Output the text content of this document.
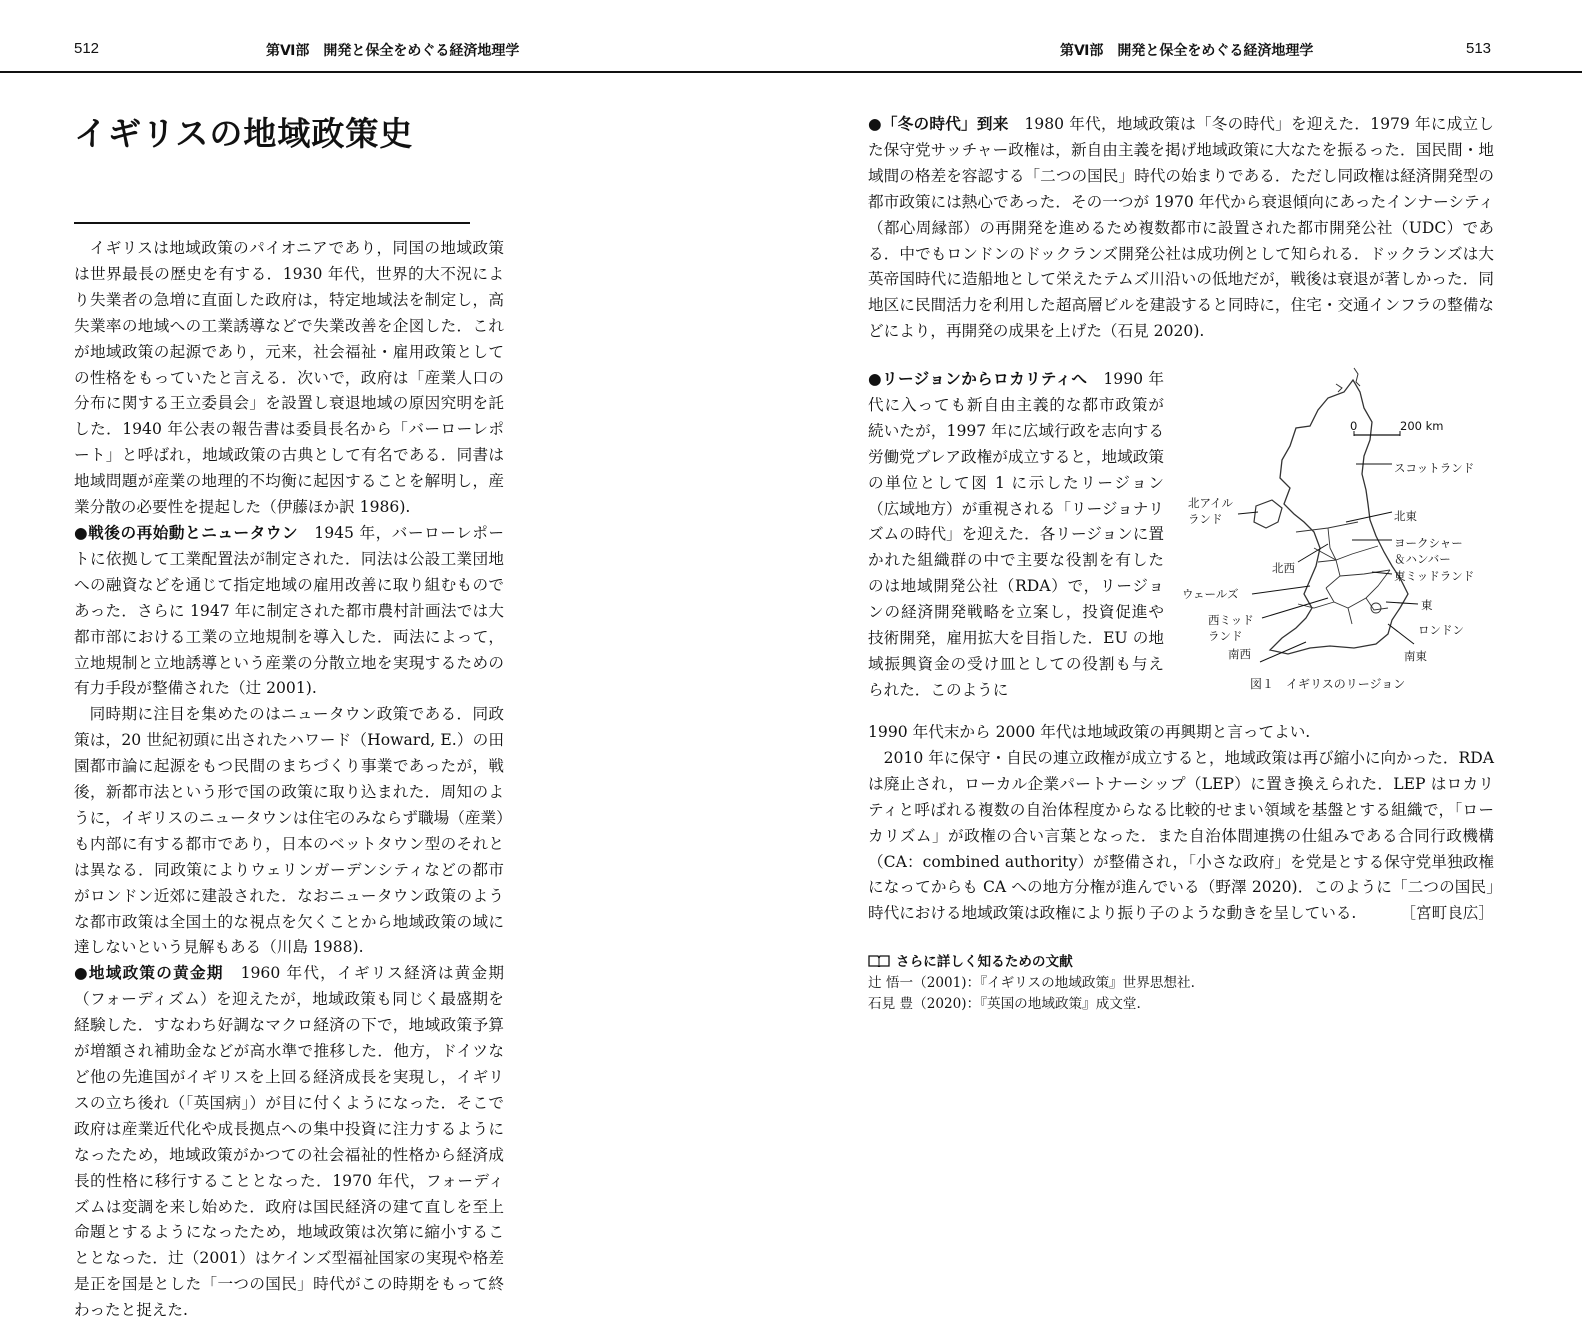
512	第Ⅵ部　開発と保全をめぐる経済地理学	第Ⅵ部　開発と保全をめぐる経済地理学	513
イギリスの地域政策史

イギリスは地域政策のパイオニアであり，同国の地域政策は世界最長の歴史を有する．1930 年代，世界的大不況により失業者の急増に直面した政府は，特定地域法を制定し，高失業率の地域への工業誘導などで失業改善を企図した．これが地域政策の起源であり，元来，社会福祉・雇用政策としての性格をもっていたと言える．次いで，政府は「産業人口の分布に関する王立委員会」を設置し衰退地域の原因究明を託した．1940 年公表の報告書は委員長名から「バーローレポート」と呼ばれ，地域政策の古典として有名である．同書は地域問題が産業の地理的不均衡に起因することを解明し，産業分散の必要性を提起した（伊藤ほか訳 1986).

●戦後の再始動とニュータウン　 1945 年，バーローレポートに依拠して工業配置法が制定された．同法は公設工業団地への融資などを通じて指定地域の雇用改善に取り組むものであった．さらに 1947 年に制定された都市農村計画法では大都市部における工業の立地規制を導入した．両法によって，立地規制と立地誘導という産業の分散立地を実現するための有力手段が整備された（辻 2001).

同時期に注目を集めたのはニュータウン政策である．同政策は，20 世紀初頭に出されたハワード（Howard, E.）の田園都市論に起源をもつ民間のまちづくり事業であったが，戦後，新都市法という形で国の政策に取り込まれた．周知のように，イギリスのニュータウンは住宅のみならず職場（産業）も内部に有する都市であり，日本のベットタウン型のそれとは異なる．同政策によりウェリンガーデンシティなどの都市がロンドン近郊に建設された．なおニュータウン政策のような都市政策は全国土的な視点を欠くことから地域政策の域に達しないという見解もある（川島 1988).

●地域政策の黄金期　 1960 年代，イギリス経済は黄金期（フォーディズム）を迎えたが，地域政策も同じく最盛期を経験した．すなわち好調なマクロ経済の下で，地域政策予算が増額され補助金などが高水準で推移した．他方，ドイツなど他の先進国がイギリスを上回る経済成長を実現し，イギリスの立ち後れ（「英国病」）が目に付くようになった．そこで政府は産業近代化や成長拠点への集中投資に注力するようになったため，地域政策がかつての社会福祉的性格から経済成長的性格に移行することとなった．1970 年代，フォーディズムは変調を来し始めた．政府は国民経済の建て直しを至上命題とするようになったため，地域政策は次第に縮小することとなった．辻（2001）はケインズ型福祉国家の実現や格差是正を国是とした「一つの国民」時代がこの時期をもって終わったと捉えた.

●「冬の時代」到来　 1980 年代，地域政策は「冬の時代」を迎えた．1979 年に成立した保守党サッチャー政権は，新自由主義を掲げ地域政策に大なたを振るった．国民間・地域間の格差を容認する「二つの国民」時代の始まりである．ただし同政権は経済開発型の都市政策には熱心であった．その一つが 1970 年代から衰退傾向にあったインナーシティ（都心周縁部）の再開発を進めるため複数都市に設置された都市開発公社（UDC）である．中でもロンドンのドックランズ開発公社は成功例として知られる．ドックランズは大英帝国時代に造船地として栄えたテムズ川沿いの低地だが，戦後は衰退が著しかった．同地区に民間活力を利用した超高層ビルを建設すると同時に，住宅・交通インフラの整備などにより，再開発の成果を上げた（石見 2020).

●リージョンからロカリティへ　 1990 年代に入っても新自由主義的な都市政策が続いたが，1997 年に広域行政を志向する労働党ブレア政権が成立すると，地域政策の単位として図 1 に示したリージョン（広域地方）が重視される「リージョナリズムの時代」を迎えた．各リージョンに置かれた組織群の中で主要な役割を有したのは地域開発公社（RDA）で，リージョンの経済開発戦略を立案し，投資促進や技術開発，雇用拡大を目指した．EU の地域振興資金の受け皿としての役割も与えられた．このように

1990 年代末から 2000 年代は地域政策の再興期と言ってよい.

2010 年に保守・自民の連立政権が成立すると，地域政策は再び縮小に向かった．RDA は廃止され，ローカル企業パートナーシップ（LEP）に置き換えられた．LEP はロカリティと呼ばれる複数の自治体程度からなる比較的せまい領域を基盤とする組織で，「ローカリズム」が政権の合い言葉となった．また自治体間連携の仕組みである合同行政機構（CA：combined authority）が整備され，「小さな政府」を党是とする保守党単独政権になってからも CA への地方分権が進んでいる（野澤 2020)．このように「二つの国民」時代における地域政策は政権により振り子のような動きを呈している.	［宮町良広］

0	200 km
スコットランド
北アイル
ランド	北東
ヨークシャー
＆ハンバー
東ミッドランド
北西
ウェールズ
東
西ミッド
ランド	ロンドン
南西	南東
図１　イギリスのリージョン
さらに詳しく知るための文献
辻 悟一（2001)：『イギリスの地域政策』世界思想社.
石見 豊（2020)：『英国の地域政策』成文堂.
